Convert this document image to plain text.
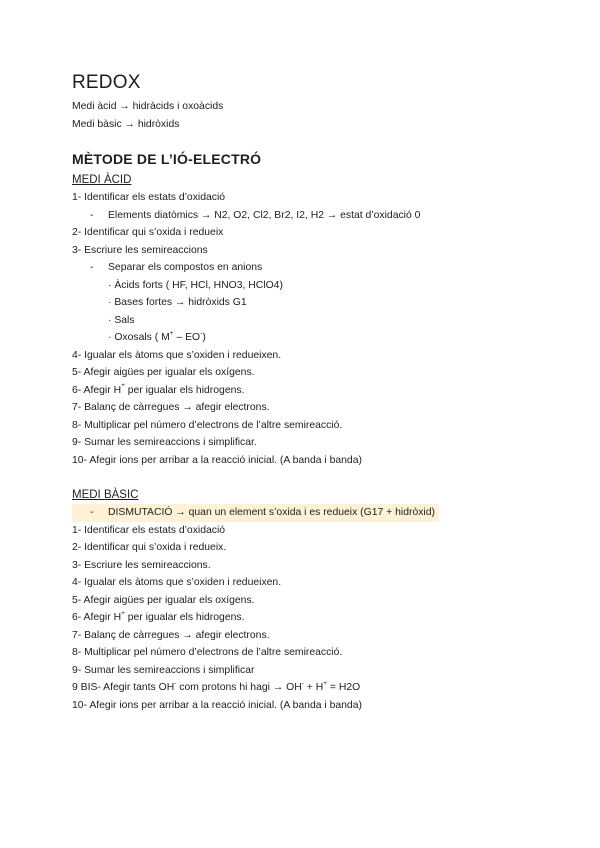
REDOX
Medi àcid → hidràcids i oxoàcids
Medi bàsic → hidròxids
MÈTODE DE L’IÓ-ELECTRÓ
MEDI ÀCID
1- Identificar els estats d’oxidació
- Elements diatòmics → N2, O2, Cl2, Br2, I2, H2 → estat d’oxidació 0
2- Identificar qui s’oxida i redueix
3- Escriure les semireaccions
- Separar els compostos en anions
· Àcids forts ( HF, HCl, HNO3, HClO4)
· Bases fortes → hidròxids G1
· Sals
· Oxosals ( M+ – EO-)
4- Igualar els àtoms que s’oxiden i redueixen.
5- Afegir aigües per igualar els oxígens.
6- Afegir H+ per igualar els hidrogens.
7- Balanç de càrregues → afegir electrons.
8- Multiplicar pel número d’electrons de l’altre semireacció.
9- Sumar les semireaccions i simplificar.
10- Afegir ions per arribar a la reacció inicial. (A banda i banda)
MEDI BÀSIC
- DISMUTACIÓ → quan un element s’oxida i es redueix (G17 + hidròxid)
1- Identificar els estats d’oxidació
2- Identificar qui s’oxida i redueix.
3- Escriure les semireaccions.
4- Igualar els àtoms que s’oxiden i redueixen.
5- Afegir aigües per igualar els oxígens.
6- Afegir H+ per igualar els hidrogens.
7- Balanç de càrregues → afegir electrons.
8- Multiplicar pel número d’electrons de l’altre semireacció.
9- Sumar les semireaccions i simplificar
9 BIS- Afegir tants OH- com protons hi hagi → OH- + H+ = H2O
10- Afegir ions per arribar a la reacció inicial. (A banda i banda)
